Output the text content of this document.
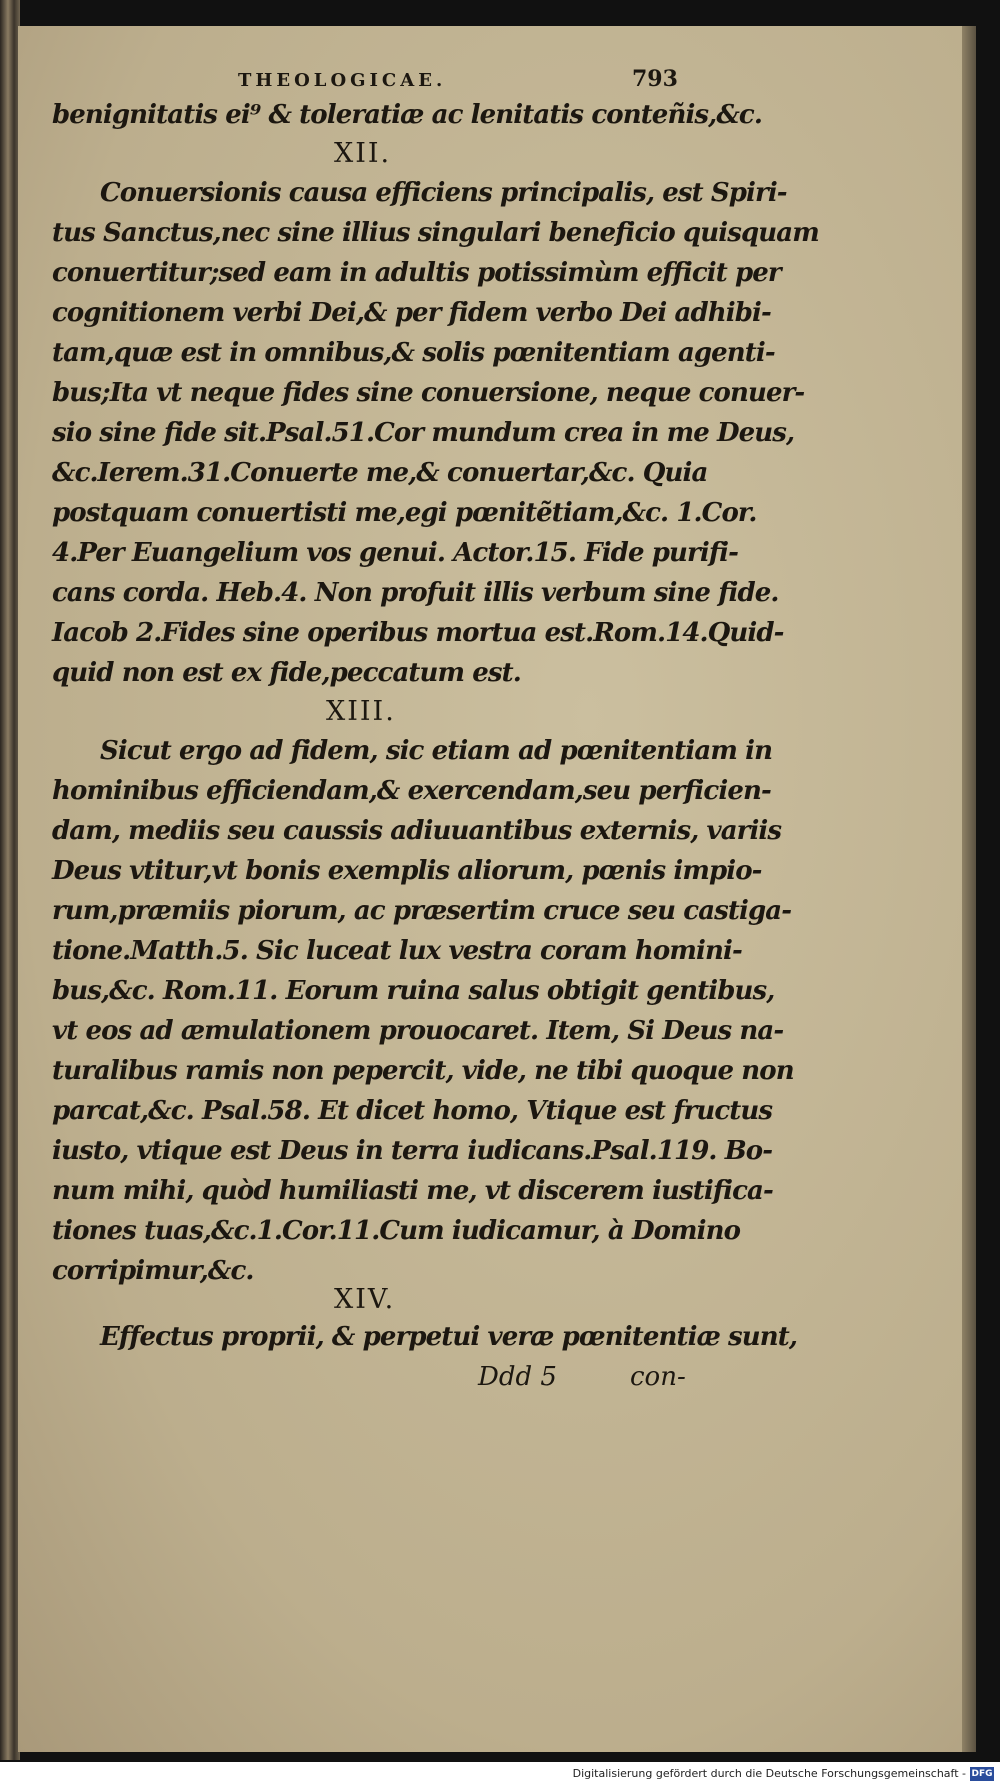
THEOLOGICAE.	793
benignitatis ei⁹ & toleratiæ ac lenitatis conteñis,&c.
XII.
Conuersionis causa efficiens principalis, est Spiri-
tus Sanctus,nec sine illius singulari beneficio quisquam
conuertitur;sed eam in adultis potissimùm efficit per
cognitionem verbi Dei,& per fidem verbo Dei adhibi-
tam,quæ est in omnibus,& solis pœnitentiam agenti-
bus;Ita vt neque fides sine conuersione, neque conuer-
sio sine fide sit.Psal.51.Cor mundum crea in me Deus,
&c.Ierem.31.Conuerte me,& conuertar,&c. Quia
postquam conuertisti me,egi pœnitẽtiam,&c. 1.Cor.
4.Per Euangelium vos genui. Actor.15. Fide purifi-
cans corda. Heb.4. Non profuit illis verbum sine fide.
Iacob 2.Fides sine operibus mortua est.Rom.14.Quid-
quid non est ex fide,peccatum est.
XIII.
Sicut ergo ad fidem, sic etiam ad pœnitentiam in
hominibus efficiendam,& exercendam,seu perficien-
dam, mediis seu caussis adiuuantibus externis, variis
Deus vtitur,vt bonis exemplis aliorum, pœnis impio-
rum,præmiis piorum, ac præsertim cruce seu castiga-
tione.Matth.5. Sic luceat lux vestra coram homini-
bus,&c. Rom.11. Eorum ruina salus obtigit gentibus,
vt eos ad æmulationem prouocaret. Item, Si Deus na-
turalibus ramis non pepercit, vide, ne tibi quoque non
parcat,&c. Psal.58. Et dicet homo, Vtique est fructus
iusto, vtique est Deus in terra iudicans.Psal.119. Bo-
num mihi, quòd humiliasti me, vt discerem iustifica-
tiones tuas,&c.1.Cor.11.Cum iudicamur, à Domino
corripimur,&c.
XIV.
Effectus proprii, & perpetui veræ pœnitentiæ sunt,
Ddd 5	con-
Digitalisierung gefördert durch die Deutsche Forschungsgemeinschaft - DFG
